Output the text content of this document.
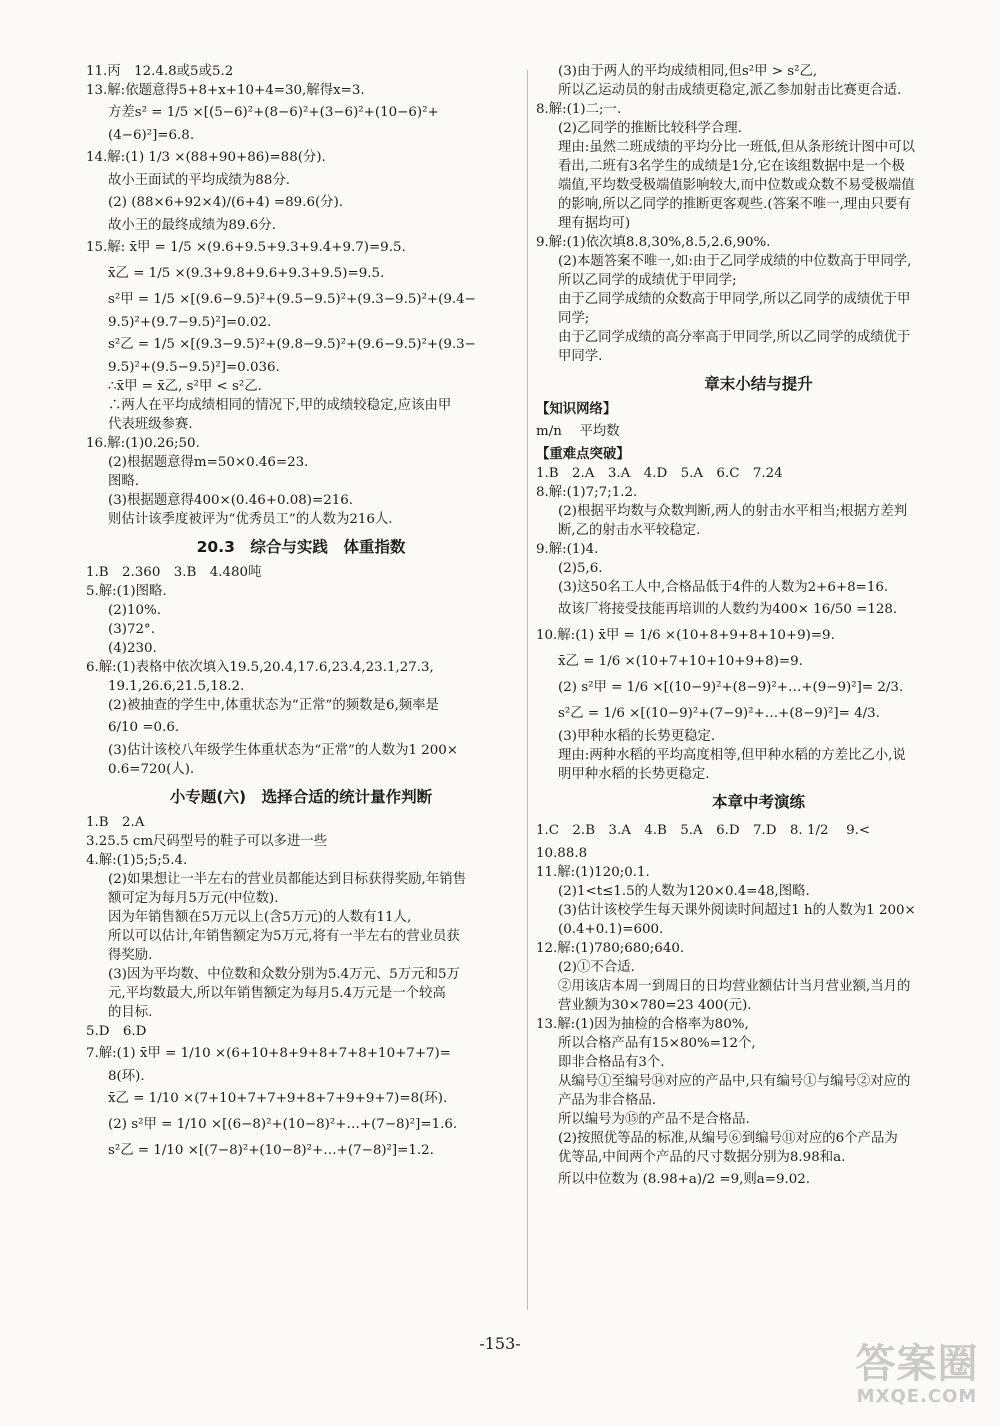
11.丙　12.4.8或5或5.2
13.解:依题意得5+8+x+10+4=30,解得x=3.
方差s² = 1/5 ×[(5−6)²+(8−6)²+(3−6)²+(10−6)²+
(4−6)²]=6.8.
14.解:(1) 1/3 ×(88+90+86)=88(分).
故小王面试的平均成绩为88分.
(2) (88×6+92×4)/(6+4) =89.6(分).
故小王的最终成绩为89.6分.
15.解: x̄甲 = 1/5 ×(9.6+9.5+9.3+9.4+9.7)=9.5.
x̄乙 = 1/5 ×(9.3+9.8+9.6+9.3+9.5)=9.5.
s²甲 = 1/5 ×[(9.6−9.5)²+(9.5−9.5)²+(9.3−9.5)²+(9.4−
9.5)²+(9.7−9.5)²]=0.02.
s²乙 = 1/5 ×[(9.3−9.5)²+(9.8−9.5)²+(9.6−9.5)²+(9.3−
9.5)²+(9.5−9.5)²]=0.036.
∴x̄甲 = x̄乙, s²甲 < s²乙.
∴两人在平均成绩相同的情况下,甲的成绩较稳定,应该由甲
代表班级参赛.
16.解:(1)0.26;50.
(2)根据题意得m=50×0.46=23.
图略.
(3)根据题意得400×(0.46+0.08)=216.
则估计该季度被评为“优秀员工”的人数为216人.
20.3　综合与实践　体重指数
1.B　2.360　3.B　4.480吨
5.解:(1)图略.
(2)10%.
(3)72°.
(4)230.
6.解:(1)表格中依次填入19.5,20.4,17.6,23.4,23.1,27.3,
19.1,26.6,21.5,18.2.
(2)被抽查的学生中,体重状态为“正常”的频数是6,频率是
6/10 =0.6.
(3)估计该校八年级学生体重状态为“正常”的人数为1 200×
0.6=720(人).
小专题(六)　选择合适的统计量作判断
1.B　2.A
3.25.5 cm尺码型号的鞋子可以多进一些
4.解:(1)5;5;5.4.
(2)如果想让一半左右的营业员都能达到目标获得奖励,年销售
额可定为每月5万元(中位数).
因为年销售额在5万元以上(含5万元)的人数有11人,
所以可以估计,年销售额定为5万元,将有一半左右的营业员获
得奖励.
(3)因为平均数、中位数和众数分别为5.4万元、5万元和5万
元,平均数最大,所以年销售额定为每月5.4万元是一个较高
的目标.
5.D　6.D
7.解:(1) x̄甲 = 1/10 ×(6+10+8+9+8+7+8+10+7+7)=
8(环).
x̄乙 = 1/10 ×(7+10+7+7+9+8+7+9+9+7)=8(环).
(2) s²甲 = 1/10 ×[(6−8)²+(10−8)²+…+(7−8)²]=1.6.
s²乙 = 1/10 ×[(7−8)²+(10−8)²+…+(7−8)²]=1.2.
(3)由于两人的平均成绩相同,但s²甲 > s²乙,
所以乙运动员的射击成绩更稳定,派乙参加射击比赛更合适.
8.解:(1)二;一.
(2)乙同学的推断比较科学合理.
理由:虽然二班成绩的平均分比一班低,但从条形统计图中可以
看出,二班有3名学生的成绩是1分,它在该组数据中是一个极
端值,平均数受极端值影响较大,而中位数或众数不易受极端值
的影响,所以乙同学的推断更客观些.(答案不唯一,理由只要有
理有据均可)
9.解:(1)依次填8.8,30%,8.5,2.6,90%.
(2)本题答案不唯一,如:由于乙同学成绩的中位数高于甲同学,
所以乙同学的成绩优于甲同学;
由于乙同学成绩的众数高于甲同学,所以乙同学的成绩优于甲
同学;
由于乙同学成绩的高分率高于甲同学,所以乙同学的成绩优于
甲同学.
章末小结与提升
【知识网络】
m/n 　平均数
【重难点突破】
1.B　2.A　3.A　4.D　5.A　6.C　7.24
8.解:(1)7;7;1.2.
(2)根据平均数与众数判断,两人的射击水平相当;根据方差判
断,乙的射击水平较稳定.
9.解:(1)4.
(2)5,6.
(3)这50名工人中,合格品低于4件的人数为2+6+8=16.
故该厂将接受技能再培训的人数约为400× 16/50 =128.
10.解:(1) x̄甲 = 1/6 ×(10+8+9+8+10+9)=9.
x̄乙 = 1/6 ×(10+7+10+10+9+8)=9.
(2) s²甲 = 1/6 ×[(10−9)²+(8−9)²+…+(9−9)²]= 2/3.
s²乙 = 1/6 ×[(10−9)²+(7−9)²+…+(8−9)²]= 4/3.
(3)甲种水稻的长势更稳定.
理由:两种水稻的平均高度相等,但甲种水稻的方差比乙小,说
明甲种水稻的长势更稳定.
本章中考演练
1.C　2.B　3.A　4.B　5.A　6.D　7.D　8. 1/2 　9.<
10.88.8
11.解:(1)120;0.1.
(2)1<t≤1.5的人数为120×0.4=48,图略.
(3)估计该校学生每天课外阅读时间超过1 h的人数为1 200×
(0.4+0.1)=600.
12.解:(1)780;680;640.
(2)①不合适.
②用该店本周一到周日的日均营业额估计当月营业额,当月的
营业额为30×780=23 400(元).
13.解:(1)因为抽检的合格率为80%,
所以合格产品有15×80%=12个,
即非合格品有3个.
从编号①至编号⑭对应的产品中,只有编号①与编号②对应的
产品为非合格品.
所以编号为⑮的产品不是合格品.
(2)按照优等品的标准,从编号⑥到编号⑪对应的6个产品为
优等品,中间两个产品的尺寸数据分别为8.98和a.
所以中位数为 (8.98+a)/2 =9,则a=9.02.
-153-	答案圈
MXQE.COM
